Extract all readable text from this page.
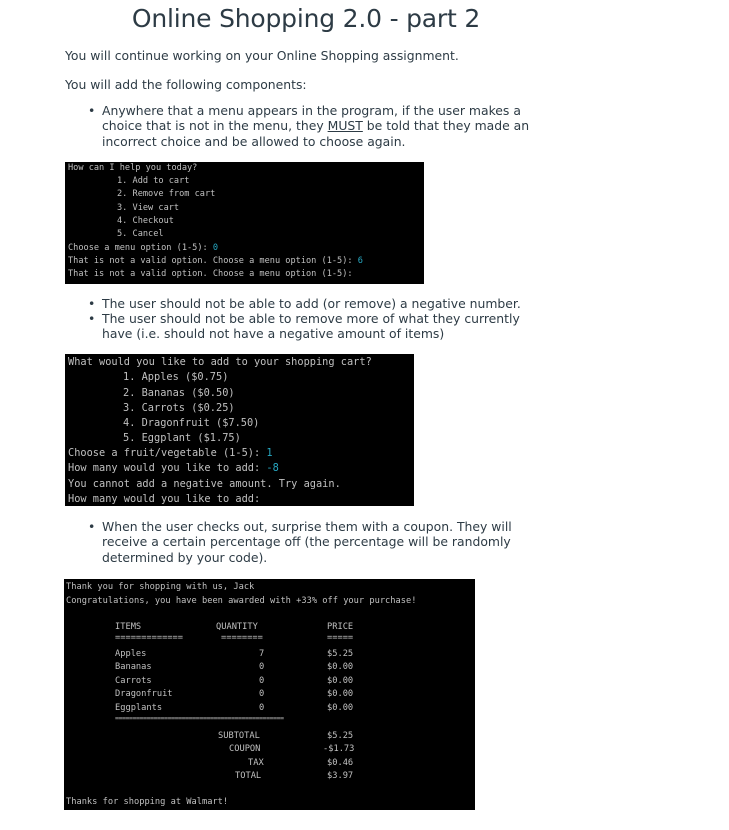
Online Shopping 2.0 - part 2
You will continue working on your Online Shopping assignment.
You will add the following components:
• Anywhere that a menu appears in the program, if the user makes a choice that is not in the menu, they MUST be told that they made an incorrect choice and be allowed to choose again.
How can I help you today?
1. Add to cart
2. Remove from cart
3. View cart
4. Checkout
5. Cancel
Choose a menu option (1-5): 0
That is not a valid option. Choose a menu option (1-5): 6
That is not a valid option. Choose a menu option (1-5):
• The user should not be able to add (or remove) a negative number.
• The user should not be able to remove more of what they currently have (i.e. should not have a negative amount of items)
What would you like to add to your shopping cart?
1. Apples ($0.75)
2. Bananas ($0.50)
3. Carrots ($0.25)
4. Dragonfruit ($7.50)
5. Eggplant ($1.75)
Choose a fruit/vegetable (1-5): 1
How many would you like to add: -8
You cannot add a negative amount. Try again.
How many would you like to add:
• When the user checks out, surprise them with a coupon. They will receive a certain percentage off (the percentage will be randomly determined by your code).
Thank you for shopping with us, Jack
Congratulations, you have been awarded with +33% off your purchase!
ITEMS	QUANTITY	PRICE
=============	========	=====
Apples	7	$5.25
Bananas	0	$0.00
Carrots	0	$0.00
Dragonfruit	0	$0.00
Eggplants	0	$0.00
================================================
SUBTOTAL	$5.25
COUPON	-$1.73
TAX	$0.46
TOTAL	$3.97
Thanks for shopping at Walmart!
